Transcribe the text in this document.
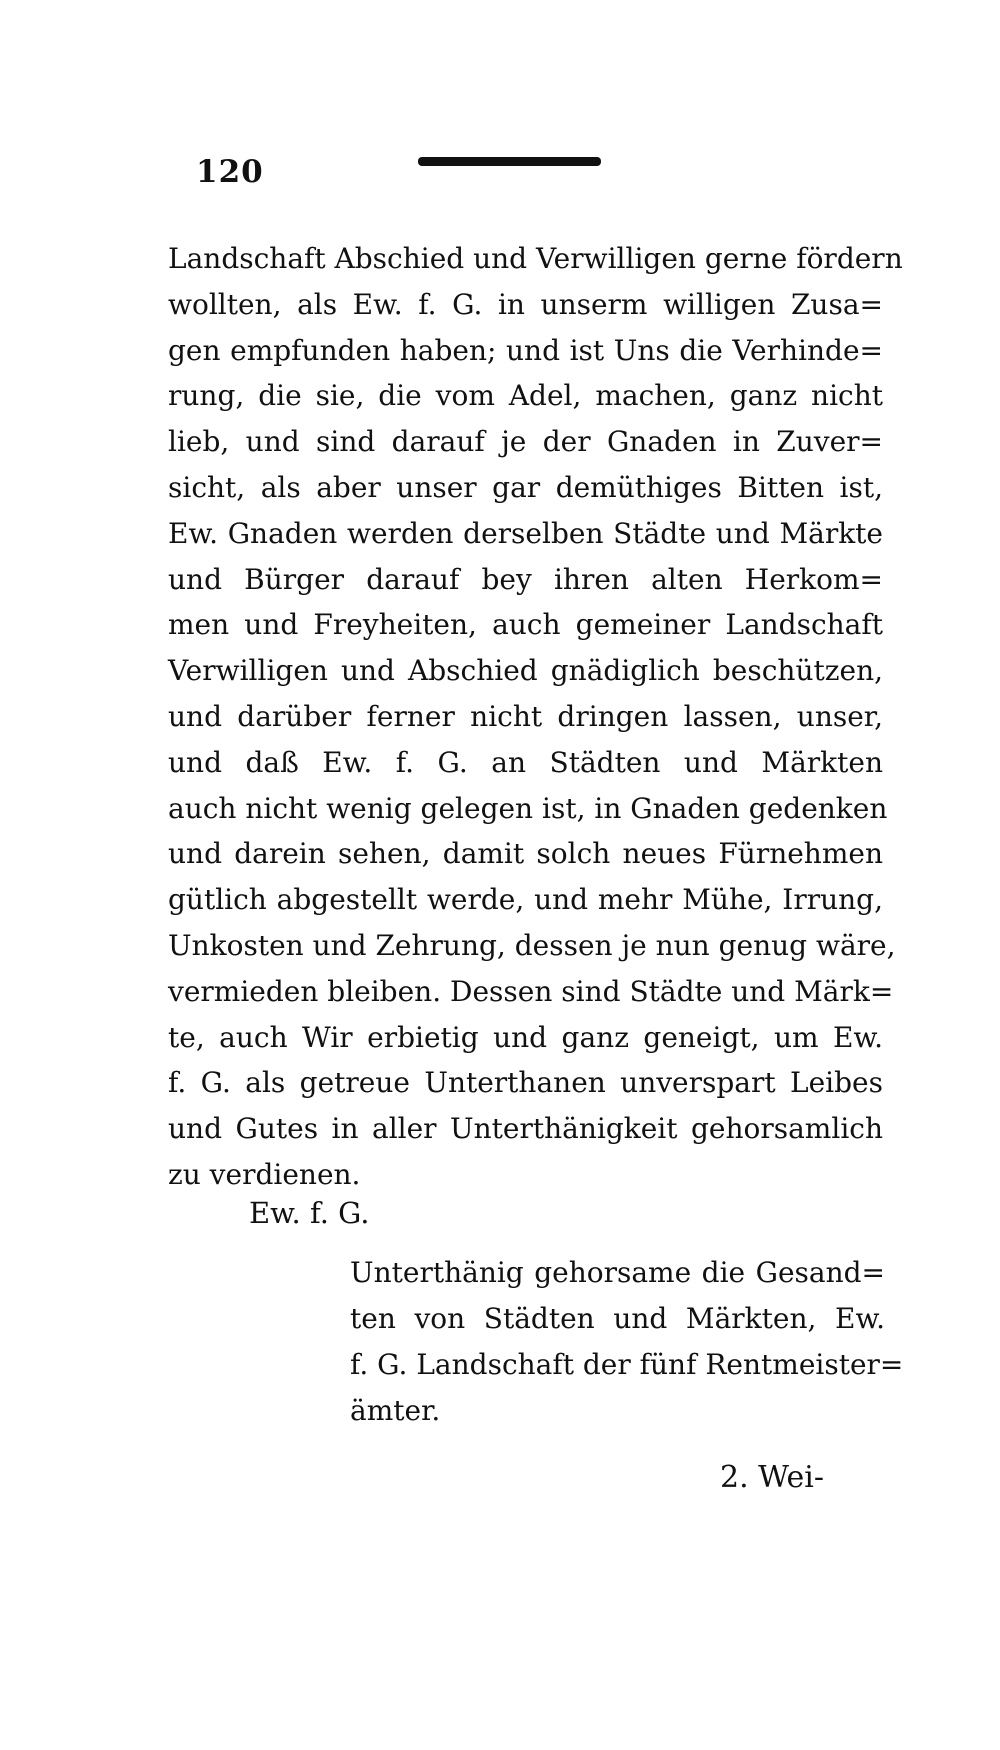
120
Landschaft Abschied und Verwilligen gerne fördern
wollten, als Ew. f. G. in unserm willigen Zusa=
gen empfunden haben; und ist Uns die Verhinde=
rung, die sie, die vom Adel, machen, ganz nicht
lieb, und sind darauf je der Gnaden in Zuver=
sicht, als aber unser gar demüthiges Bitten ist,
Ew. Gnaden werden derselben Städte und Märkte
und Bürger darauf bey ihren alten Herkom=
men und Freyheiten, auch gemeiner Landschaft
Verwilligen und Abschied gnädiglich beschützen,
und darüber ferner nicht dringen lassen, unser,
und daß Ew. f. G. an Städten und Märkten
auch nicht wenig gelegen ist, in Gnaden gedenken
und darein sehen, damit solch neues Fürnehmen
gütlich abgestellt werde, und mehr Mühe, Irrung,
Unkosten und Zehrung, dessen je nun genug wäre,
vermieden bleiben. Dessen sind Städte und Märk=
te, auch Wir erbietig und ganz geneigt, um Ew.
f. G. als getreue Unterthanen unverspart Leibes
und Gutes in aller Unterthänigkeit gehorsamlich
zu verdienen.
Ew. f. G.
Unterthänig gehorsame die Gesand=
ten von Städten und Märkten, Ew.
f. G. Landschaft der fünf Rentmeister=
ämter.
2. Wei-
